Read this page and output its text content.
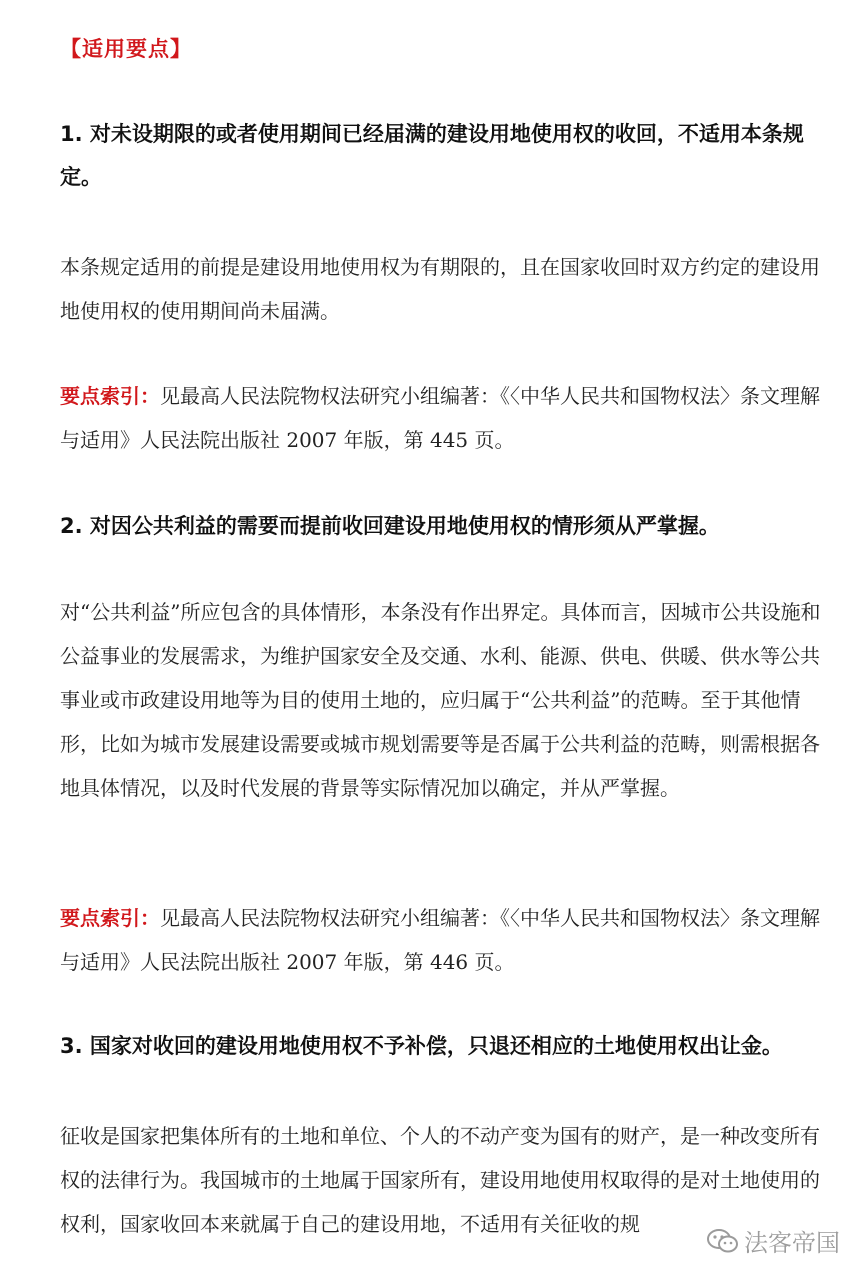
【适用要点】
1. 对未设期限的或者使用期间已经届满的建设用地使用权的收回，不适用本条规定。
本条规定适用的前提是建设用地使用权为有期限的，且在国家收回时双方约定的建设用地使用权的使用期间尚未届满。
要点索引：见最高人民法院物权法研究小组编著：《〈中华人民共和国物权法〉条文理解与适用》人民法院出版社 2007 年版，第 445 页。
2. 对因公共利益的需要而提前收回建设用地使用权的情形须从严掌握。
对“公共利益”所应包含的具体情形，本条没有作出界定。具体而言，因城市公共设施和公益事业的发展需求，为维护国家安全及交通、水利、能源、供电、供暖、供水等公共事业或市政建设用地等为目的使用土地的，应归属于“公共利益”的范畴。至于其他情形，比如为城市发展建设需要或城市规划需要等是否属于公共利益的范畴，则需根据各地具体情况，以及时代发展的背景等实际情况加以确定，并从严掌握。
要点索引：见最高人民法院物权法研究小组编著：《〈中华人民共和国物权法〉条文理解与适用》人民法院出版社 2007 年版，第 446 页。
3. 国家对收回的建设用地使用权不予补偿，只退还相应的土地使用权出让金。
征收是国家把集体所有的土地和单位、个人的不动产变为国有的财产，是一种改变所有权的法律行为。我国城市的土地属于国家所有，建设用地使用权取得的是对土地使用的权利，国家收回本来就属于自己的建设用地，不适用有关征收的规
法客帝国
